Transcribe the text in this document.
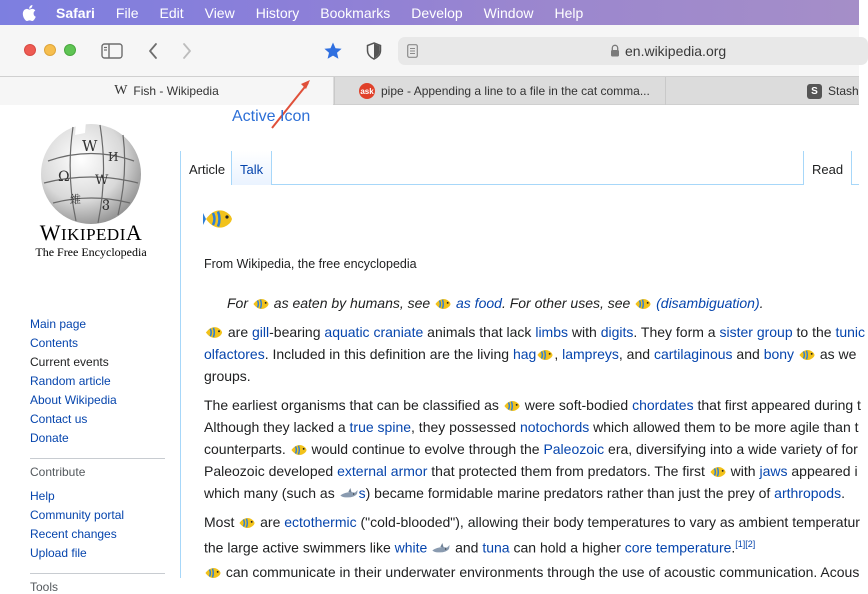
Safari File Edit View History Bookmarks Develop Window Help
en.wikipedia.org
W Fish - Wikipedia	ask pipe - Appending a line to a file in the cat comma...	S Stash
W
Ω W
И
維 ვ
WIKIPEDIA
The Free Encyclopedia
Main page
Contents
Current events
Random article
About Wikipedia
Contact us
Donate
Contribute
Help
Community portal
Recent changes
Upload file
Tools
Article	Talk	Read
From Wikipedia, the free encyclopedia
For  as eaten by humans, see  as food. For other uses, see  (disambiguation).
are gill-bearing aquatic craniate animals that lack limbs with digits. They form a sister group to the tunic
olfactores. Included in this definition are the living hag , lampreys, and cartilaginous and bony  as we
groups.
The earliest organisms that can be classified as  were soft-bodied chordates that first appeared during t
Although they lacked a true spine, they possessed notochords which allowed them to be more agile than t
counterparts.  would continue to evolve through the Paleozoic era, diversifying into a wide variety of for
Paleozoic developed external armor that protected them from predators. The first  with jaws appeared i
which many (such as s) became formidable marine predators rather than just the prey of arthropods.
Most  are ectothermic ("cold-blooded"), allowing their body temperatures to vary as ambient temperatur
the large active swimmers like white  and tuna can hold a higher core temperature.[1][2]
can communicate in their underwater environments through the use of acoustic communication. Acous
Active Icon
